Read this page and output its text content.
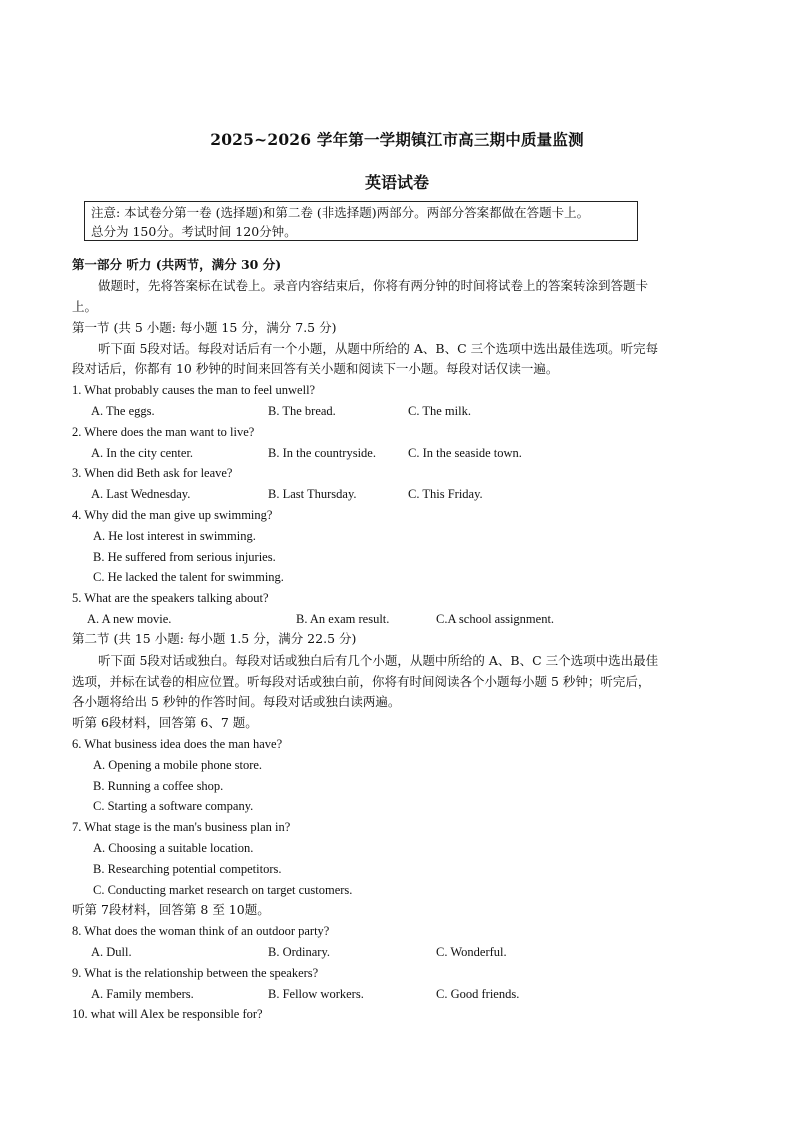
2025~2026 学年第一学期镇江市高三期中质量监测
英语试卷
注意: 本试卷分第一卷 (选择题)和第二卷 (非选择题)两部分。两部分答案都做在答题卡上。
总分为 150分。考试时间 120分钟。
第一部分 听力 (共两节，满分 30 分)
做题时，先将答案标在试卷上。录音内容结束后，你将有两分钟的时间将试卷上的答案转涂到答题卡
上。
第一节 (共 5 小题: 每小题 15 分，满分 7.5 分)
听下面 5段对话。每段对话后有一个小题，从题中所给的 A、B、C 三个选项中选出最佳选项。听完每
段对话后，你都有 10 秒钟的时间来回答有关小题和阅读下一小题。每段对话仅读一遍。
1. What probably causes the man to feel unwell?
A. The eggs.	B. The bread.	C. The milk.
2. Where does the man want to live?
A. In the city center.	B. In the countryside.	C. In the seaside town.
3. When did Beth ask for leave?
A. Last Wednesday.	B. Last Thursday.	C. This Friday.
4. Why did the man give up swimming?
A. He lost interest in swimming.
B. He suffered from serious injuries.
C. He lacked the talent for swimming.
5. What are the speakers talking about?
A. A new movie.	B. An exam result.	C.A school assignment.
第二节 (共 15 小题: 每小题 1.5 分，满分 22.5 分)
听下面 5段对话或独白。每段对话或独白后有几个小题，从题中所给的 A、B、C 三个选项中选出最佳
选项，并标在试卷的相应位置。听每段对话或独白前，你将有时间阅读各个小题每小题 5 秒钟；听完后，
各小题将给出 5 秒钟的作答时间。每段对话或独白读两遍。
听第 6段材料，回答第 6、7 题。
6. What business idea does the man have?
A. Opening a mobile phone store.
B. Running a coffee shop.
C. Starting a software company.
7. What stage is the man's business plan in?
A. Choosing a suitable location.
B. Researching potential competitors.
C. Conducting market research on target customers.
听第 7段材料，回答第 8 至 10题。
8. What does the woman think of an outdoor party?
A. Dull.	B. Ordinary.	C. Wonderful.
9. What is the relationship between the speakers?
A. Family members.	B. Fellow workers.	C. Good friends.
10. what will Alex be responsible for?
